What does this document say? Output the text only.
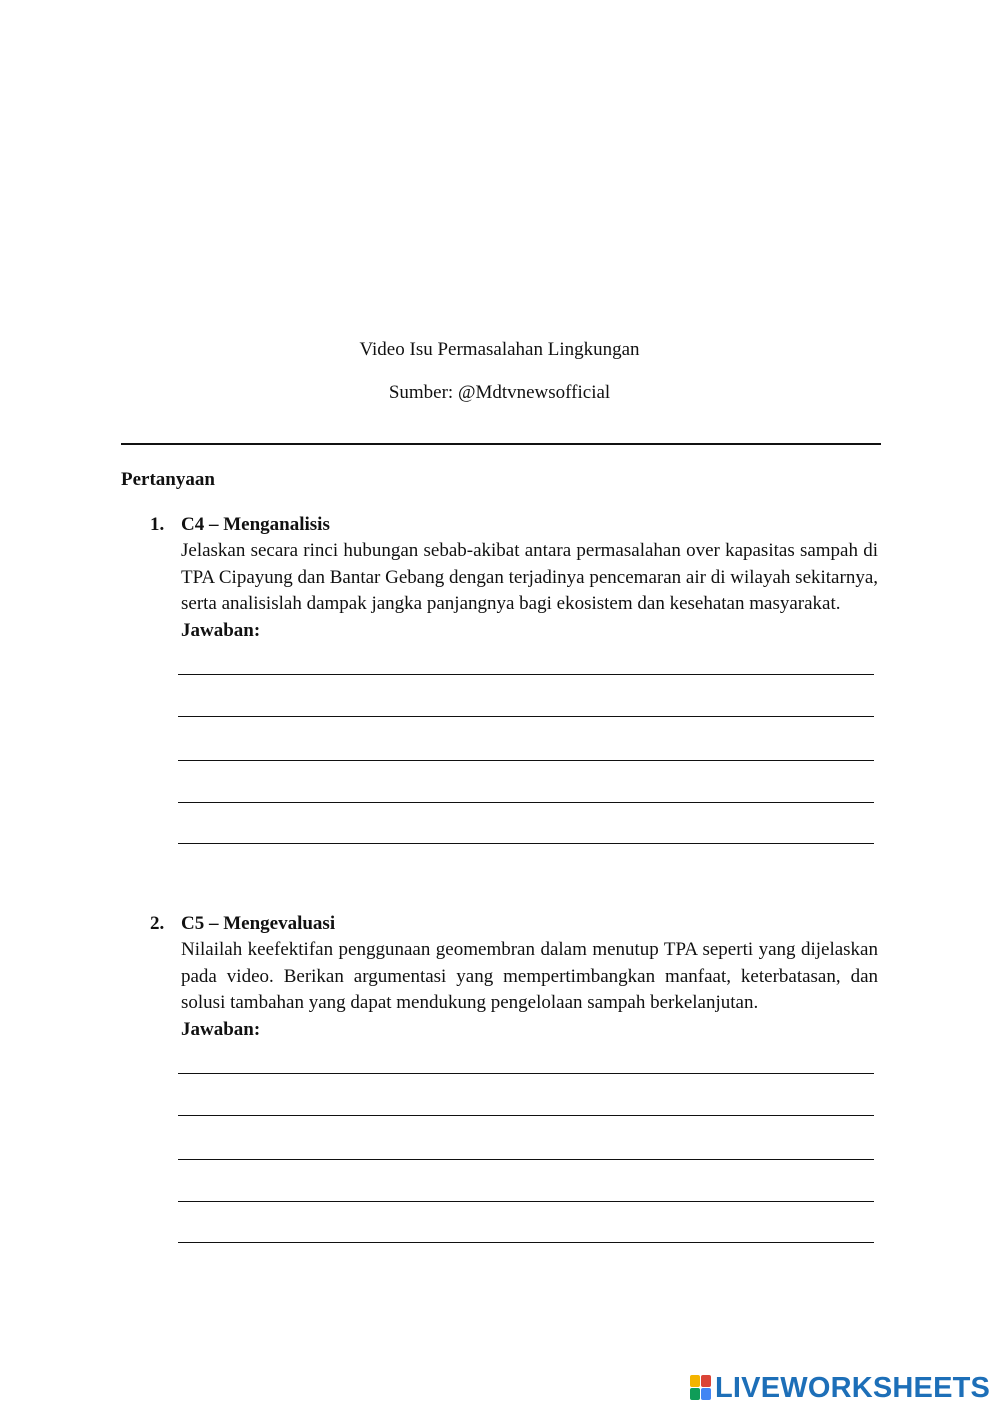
Video Isu Permasalahan Lingkungan
Sumber: @Mdtvnewsofficial
Pertanyaan
1. C4 – Menganalisis
Jelaskan secara rinci hubungan sebab-akibat antara permasalahan over kapasitas sampah di TPA Cipayung dan Bantar Gebang dengan terjadinya pencemaran air di wilayah sekitarnya, serta analisislah dampak jangka panjangnya bagi ekosistem dan kesehatan masyarakat.
Jawaban:
2. C5 – Mengevaluasi
Nilailah keefektifan penggunaan geomembran dalam menutup TPA seperti yang dijelaskan pada video. Berikan argumentasi yang mempertimbangkan manfaat, keterbatasan, dan solusi tambahan yang dapat mendukung pengelolaan sampah berkelanjutan.
Jawaban:
LIVEWORKSHEETS
